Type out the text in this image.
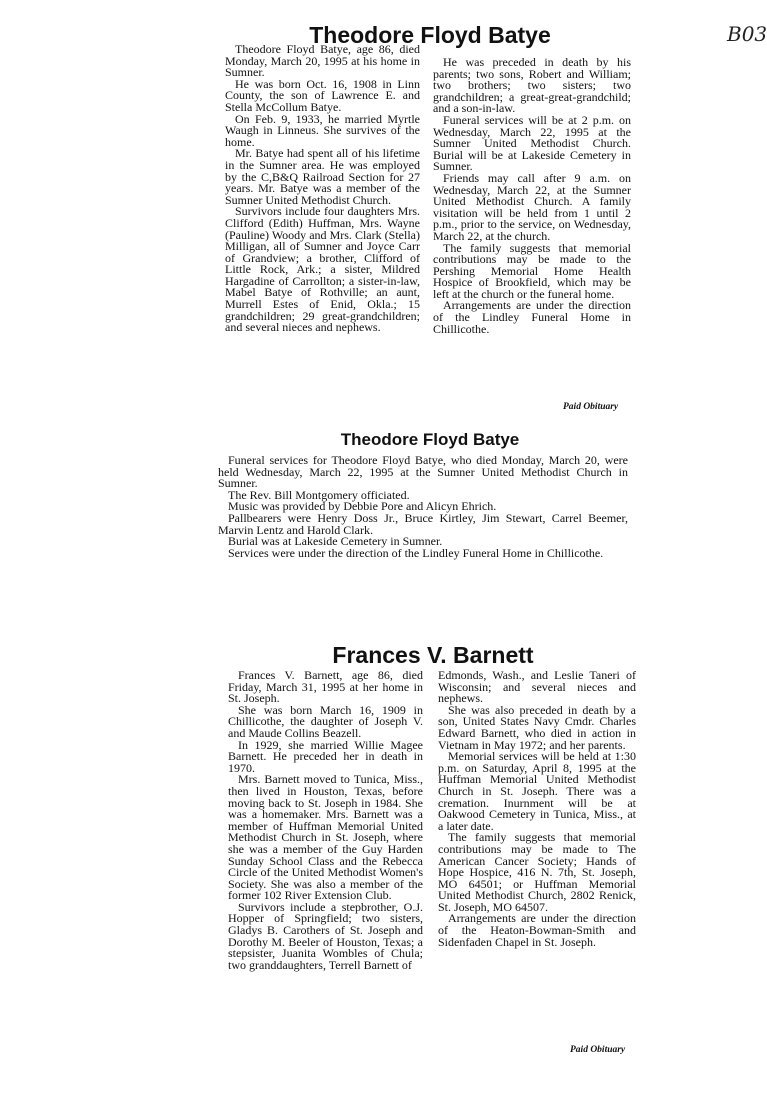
B03
Theodore Floyd Batye

Theodore Floyd Batye, age 86, died Monday, March 20, 1995 at his home in Sumner.

He was born Oct. 16, 1908 in Linn County, the son of Lawrence E. and Stella McCollum Batye.

On Feb. 9, 1933, he married Myrtle Waugh in Linneus. She survives of the home.

Mr. Batye had spent all of his lifetime in the Sumner area. He was employed by the C,B&Q Railroad Section for 27 years. Mr. Batye was a member of the Sumner United Methodist Church.

Survivors include four daughters Mrs. Clifford (Edith) Huffman, Mrs. Wayne (Pauline) Woody and Mrs. Clark (Stella) Milligan, all of Sumner and Joyce Carr of Grandview; a brother, Clifford of Little Rock, Ark.; a sister, Mildred Hargadine of Carrollton; a sister-in-law, Mabel Batye of Rothville; an aunt, Murrell Estes of Enid, Okla.; 15 grandchildren; 29 great-grandchildren; and several nieces and nephews.

He was preceded in death by his parents; two sons, Robert and William; two brothers; two sisters; two grandchildren; a great-great-grandchild; and a son-in-law.

Funeral services will be at 2 p.m. on Wednesday, March 22, 1995 at the Sumner United Methodist Church. Burial will be at Lakeside Cemetery in Sumner.

Friends may call after 9 a.m. on Wednesday, March 22, at the Sumner United Methodist Church. A family visitation will be held from 1 until 2 p.m., prior to the service, on Wednesday, March 22, at the church.

The family suggests that memorial contributions may be made to the Pershing Memorial Home Health Hospice of Brookfield, which may be left at the church or the funeral home.

Arrangements are under the direction of the Lindley Funeral Home in Chillicothe.

Paid Obituary
Theodore Floyd Batye

Funeral services for Theodore Floyd Batye, who died Monday, March 20, were held Wednesday, March 22, 1995 at the Sumner United Methodist Church in Sumner.

The Rev. Bill Montgomery officiated.

Music was provided by Debbie Pore and Alicyn Ehrich.

Pallbearers were Henry Doss Jr., Bruce Kirtley, Jim Stewart, Carrel Beemer, Marvin Lentz and Harold Clark.

Burial was at Lakeside Cemetery in Sumner.

Services were under the direction of the Lindley Funeral Home in Chillicothe.

Frances V. Barnett

Frances V. Barnett, age 86, died Friday, March 31, 1995 at her home in St. Joseph.

She was born March 16, 1909 in Chillicothe, the daughter of Joseph V. and Maude Collins Beazell.

In 1929, she married Willie Magee Barnett. He preceded her in death in 1970.

Mrs. Barnett moved to Tunica, Miss., then lived in Houston, Texas, before moving back to St. Joseph in 1984. She was a homemaker. Mrs. Barnett was a member of Huffman Memorial United Methodist Church in St. Joseph, where she was a member of the Guy Harden Sunday School Class and the Rebecca Circle of the United Methodist Women's Society. She was also a member of the former 102 River Extension Club.

Survivors include a stepbrother, O.J. Hopper of Springfield; two sisters, Gladys B. Carothers of St. Joseph and Dorothy M. Beeler of Houston, Texas; a stepsister, Juanita Wombles of Chula; two granddaughters, Terrell Barnett of

Edmonds, Wash., and Leslie Taneri of Wisconsin; and several nieces and nephews.

She was also preceded in death by a son, United States Navy Cmdr. Charles Edward Barnett, who died in action in Vietnam in May 1972; and her parents.

Memorial services will be held at 1:30 p.m. on Saturday, April 8, 1995 at the Huffman Memorial United Methodist Church in St. Joseph. There was a cremation. Inurnment will be at Oakwood Cemetery in Tunica, Miss., at a later date.

The family suggests that memorial contributions may be made to The American Cancer Society; Hands of Hope Hospice, 416 N. 7th, St. Joseph, MO 64501; or Huffman Memorial United Methodist Church, 2802 Renick, St. Joseph, MO 64507.

Arrangements are under the direction of the Heaton-Bowman-Smith and Sidenfaden Chapel in St. Joseph.

Paid Obituary
